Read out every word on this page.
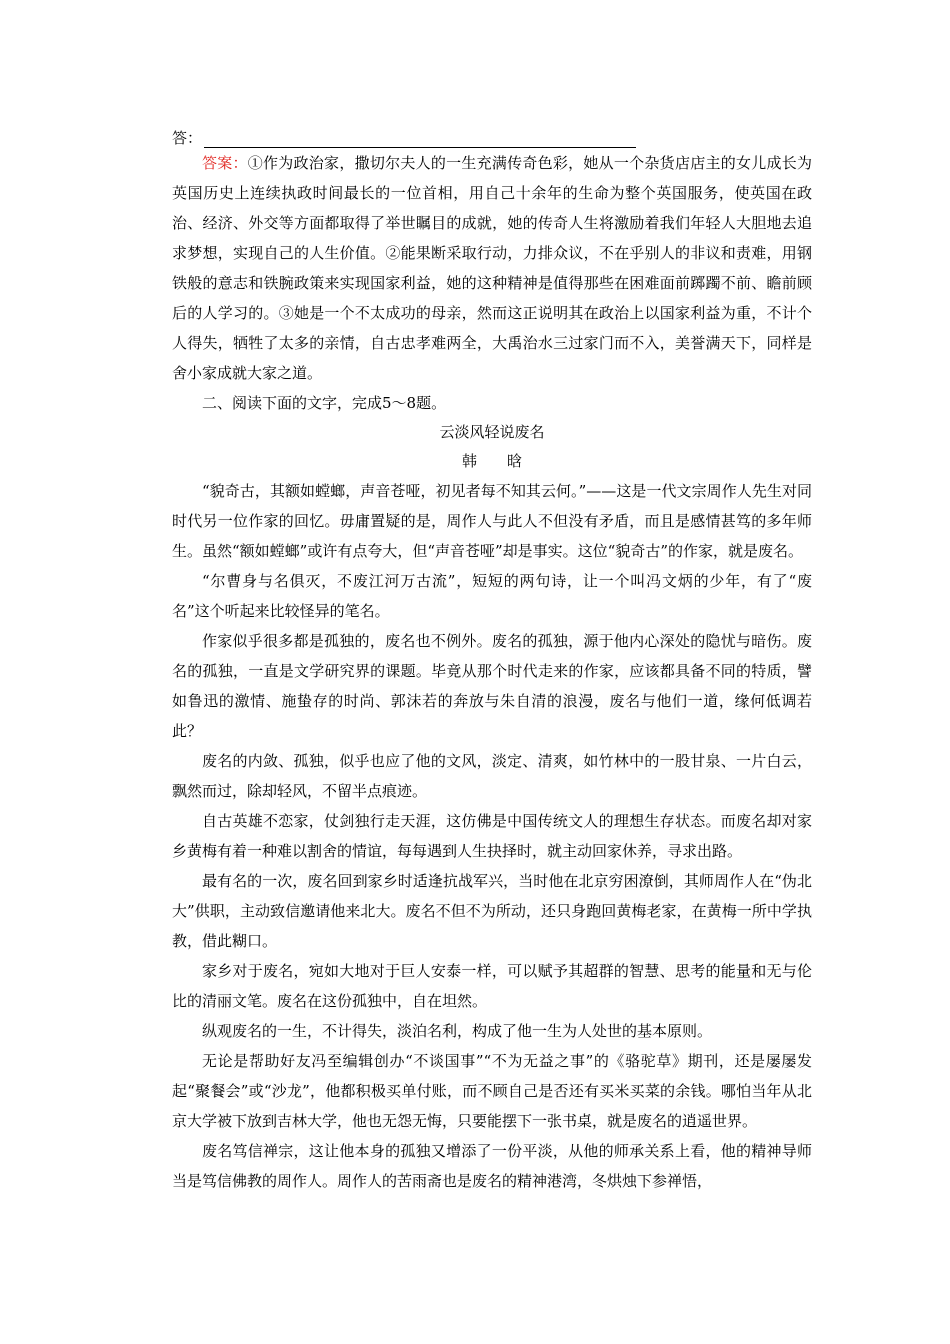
答：

答案：①作为政治家，撒切尔夫人的一生充满传奇色彩，她从一个杂货店店主的女儿成长为英国历史上连续执政时间最长的一位首相，用自己十余年的生命为整个英国服务，使英国在政治、经济、外交等方面都取得了举世瞩目的成就，她的传奇人生将激励着我们年轻人大胆地去追求梦想，实现自己的人生价值。②能果断采取行动，力排众议，不在乎别人的非议和责难，用钢铁般的意志和铁腕政策来实现国家利益，她的这种精神是值得那些在困难面前踯躅不前、瞻前顾后的人学习的。③她是一个不太成功的母亲，然而这正说明其在政治上以国家利益为重，不计个人得失，牺牲了太多的亲情，自古忠孝难两全，大禹治水三过家门而不入，美誉满天下，同样是舍小家成就大家之道。

二、阅读下面的文字，完成5～8题。

云淡风轻说废名

韩晗

“貌奇古，其额如螳螂，声音苍哑，初见者每不知其云何。”——这是一代文宗周作人先生对同时代另一位作家的回忆。毋庸置疑的是，周作人与此人不但没有矛盾，而且是感情甚笃的多年师生。虽然“额如螳螂”或许有点夸大，但“声音苍哑”却是事实。这位“貌奇古”的作家，就是废名。

“尔曹身与名俱灭，不废江河万古流”，短短的两句诗，让一个叫冯文炳的少年，有了“废名”这个听起来比较怪异的笔名。

作家似乎很多都是孤独的，废名也不例外。废名的孤独，源于他内心深处的隐忧与暗伤。废名的孤独，一直是文学研究界的课题。毕竟从那个时代走来的作家，应该都具备不同的特质，譬如鲁迅的激情、施蛰存的时尚、郭沫若的奔放与朱自清的浪漫，废名与他们一道，缘何低调若此？

废名的内敛、孤独，似乎也应了他的文风，淡定、清爽，如竹林中的一股甘泉、一片白云，飘然而过，除却轻风，不留半点痕迹。

自古英雄不恋家，仗剑独行走天涯，这仿佛是中国传统文人的理想生存状态。而废名却对家乡黄梅有着一种难以割舍的情谊，每每遇到人生抉择时，就主动回家休养，寻求出路。

最有名的一次，废名回到家乡时适逢抗战军兴，当时他在北京穷困潦倒，其师周作人在“伪北大”供职，主动致信邀请他来北大。废名不但不为所动，还只身跑回黄梅老家，在黄梅一所中学执教，借此糊口。

家乡对于废名，宛如大地对于巨人安泰一样，可以赋予其超群的智慧、思考的能量和无与伦比的清丽文笔。废名在这份孤独中，自在坦然。

纵观废名的一生，不计得失，淡泊名利，构成了他一生为人处世的基本原则。

无论是帮助好友冯至编辑创办“不谈国事”“不为无益之事”的《骆驼草》期刊，还是屡屡发起“聚餐会”或“沙龙”，他都积极买单付账，而不顾自己是否还有买米买菜的余钱。哪怕当年从北京大学被下放到吉林大学，他也无怨无悔，只要能摆下一张书桌，就是废名的逍遥世界。

废名笃信禅宗，这让他本身的孤独又增添了一份平淡，从他的师承关系上看，他的精神导师当是笃信佛教的周作人。周作人的苦雨斋也是废名的精神港湾，冬烘烛下参禅悟，
